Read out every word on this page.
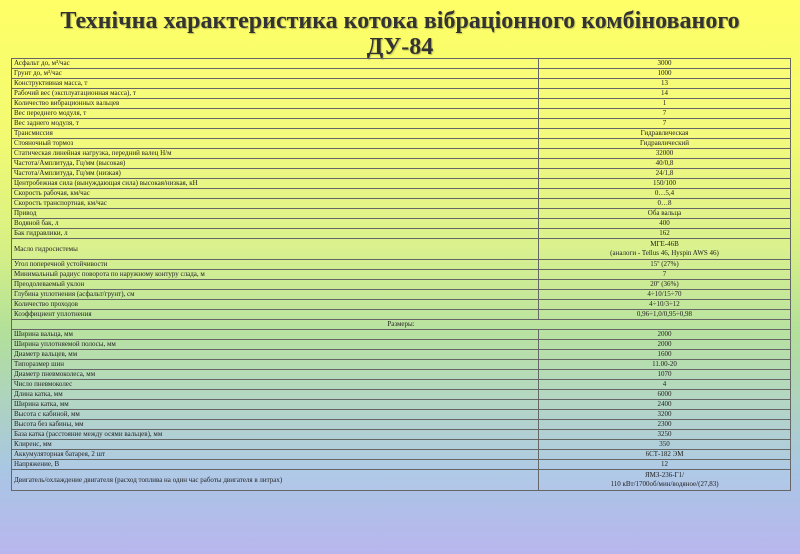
Технічна характеристика котока вібраціонного комбінованого
ДУ-84
Асфальт до, м³/час	3000
Грунт до, м³/час	1000
Конструктивная масса, т	13
Рабочий вес (эксплуатационная масса), т	14
Количество вибрационных вальцев	1
Вес переднего модуля, т	7
Вес заднего модуля, т	7
Трансмиссия	Гидравлическая
Стояночный тормоз	Гидравлический
Статическая линейная нагрузка, передний валец Н/м	32000
Частота/Амплитуда, Гц/мм (высокая)	40/0,8
Частота/Амплитуда, Гц/мм (низкая)	24/1,8
Центробежная сила (вынуждающая сила) высокая/низкая, кН	150/100
Скорость рабочая, км/час	0…5,4
Скорость транспортная, км/час	0…8
Привод	Оба вальца
Водяной бак, л	400
Бак гидравлики, л	162
Масло гидросистемы	МГЕ-46В
(аналоги - Tellus 46, Hyspin AWS 46)

Угол поперечной устойчивости	15º (27%)
Минимальный радиус поворота по наружному контуру слада, м	7
Преодолеваемый уклон	20º (36%)
Глубина уплотнения (асфальт/грунт), см	4÷10/15÷70
Количество проходов	4÷10/3÷12
Коэффициент уплотнения	0,96÷1,0/0,95÷0,98
Размеры:	
Ширина вальца, мм	2000
Ширина уплотняемой полосы, мм	2000
Диаметр вальцев, мм	1600
Типоразмер шин	11.00-20
Диаметр пневмоколеса, мм	1070
Число пневмоколес	4
Длина катка, мм	6000
Ширина катка, мм	2400
Высота с кабиной, мм	3200
Высота без кабины, мм	2300
База катка (расстояние между осями вальцев), мм	3250
Клиренс, мм	350
Аккумуляторная батарея, 2 шт	6СТ-182 ЭМ
Напряжение, В	12
Двигатель/охлаждение двигателя (расход топлива на один час работы двигателя в литрах)	ЯМЗ-236-Г1/
110 кВт/1700об/мин/водяное/(27,83)
